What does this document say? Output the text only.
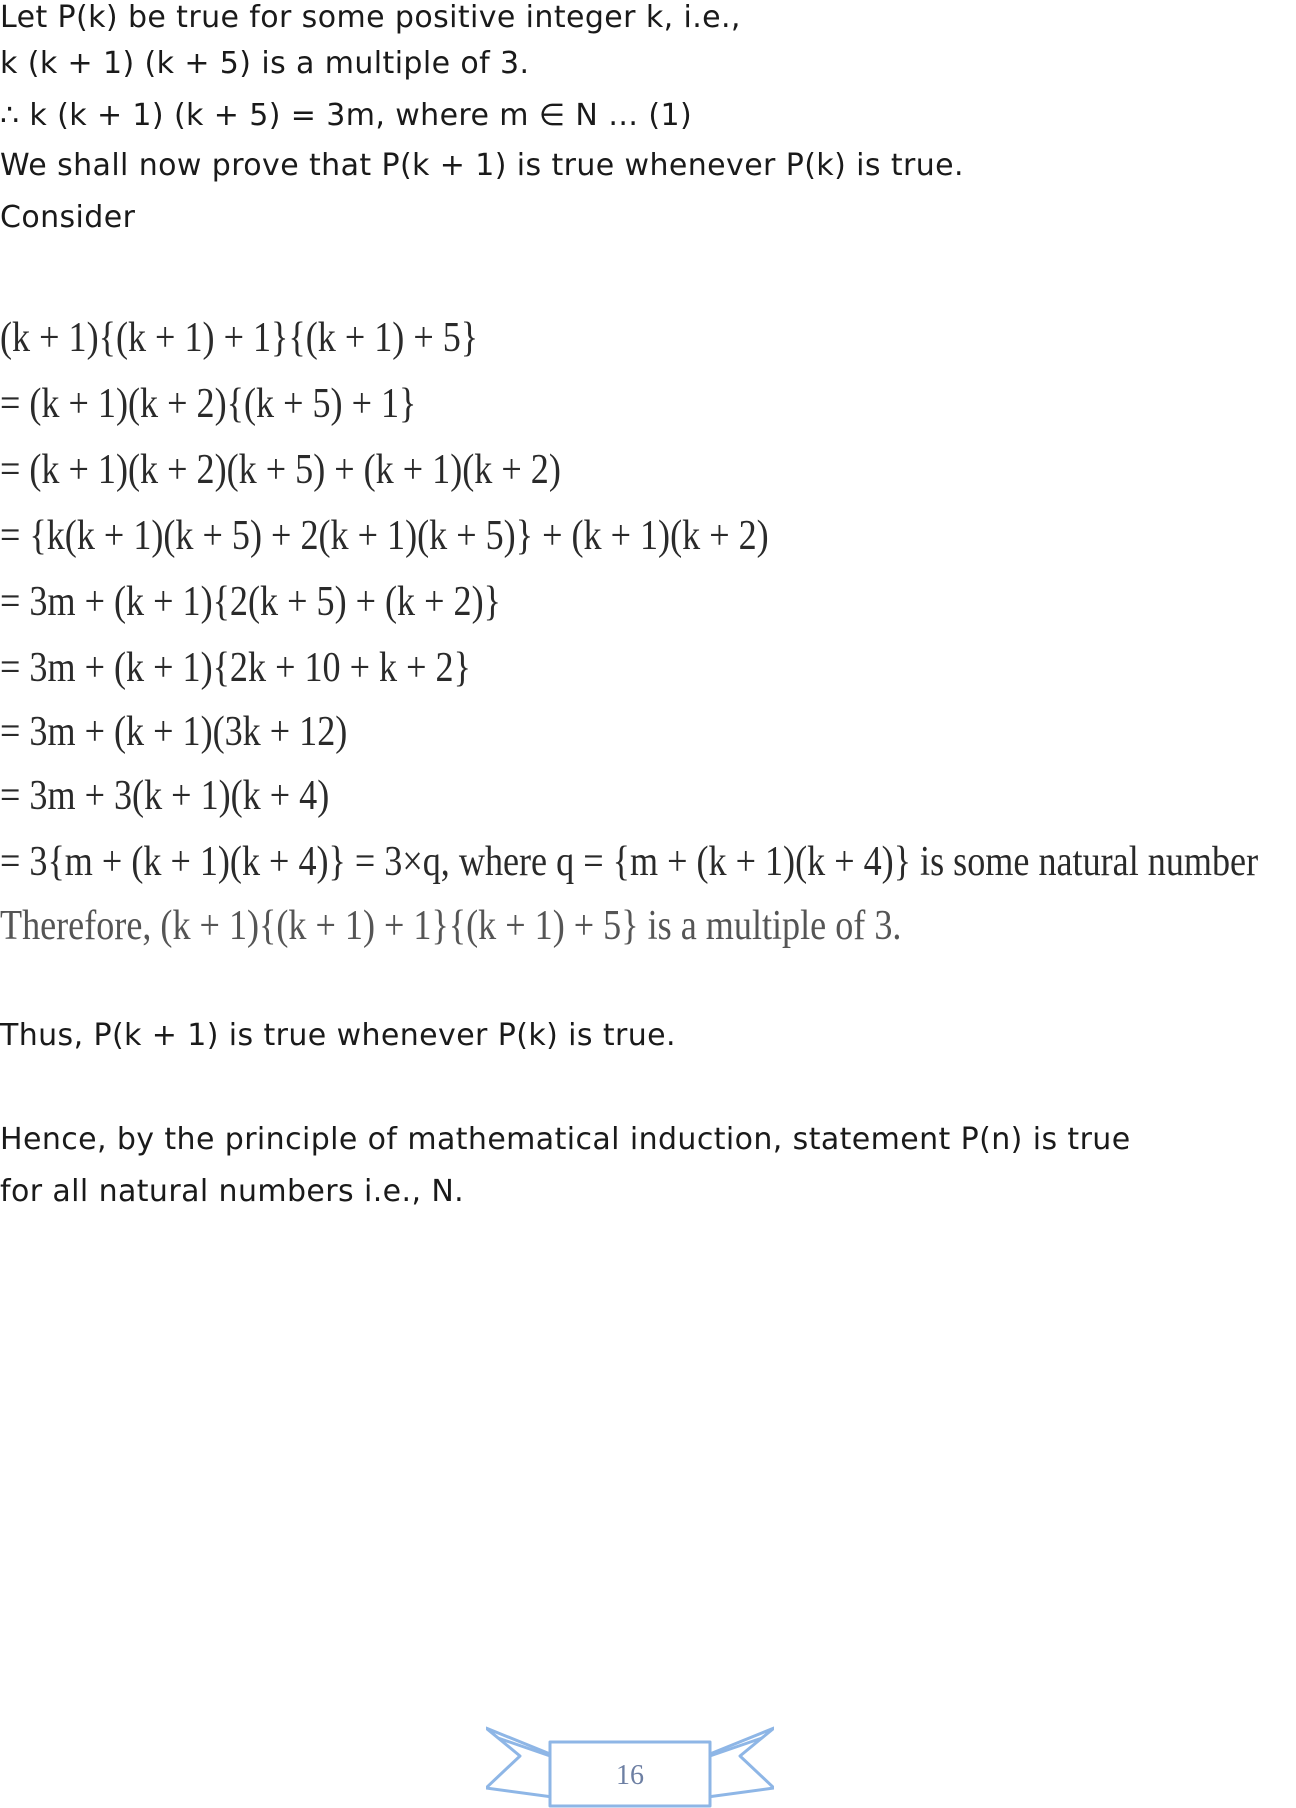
Let P(k) be true for some positive integer k, i.e.,

k (k + 1) (k + 5) is a multiple of 3.

∴ k (k + 1) (k + 5) = 3m, where m ∈ N … (1)

We shall now prove that P(k + 1) is true whenever P(k) is true.

Consider

(k + 1){(k + 1) + 1}{(k + 1) + 5}

= (k + 1)(k + 2){(k + 5) + 1}

= (k + 1)(k + 2)(k + 5) + (k + 1)(k + 2)

= {k(k + 1)(k + 5) + 2(k + 1)(k + 5)} + (k + 1)(k + 2)

= 3m + (k + 1){2(k + 5) + (k + 2)}

= 3m + (k + 1){2k + 10 + k + 2}

= 3m + (k + 1)(3k + 12)

= 3m + 3(k + 1)(k + 4)

= 3{m + (k + 1)(k + 4)} = 3×q, where q = {m + (k + 1)(k + 4)} is some natural number

Therefore, (k + 1){(k + 1) + 1}{(k + 1) + 5} is a multiple of 3.

Thus, P(k + 1) is true whenever P(k) is true.

Hence, by the principle of mathematical induction, statement P(n) is true

for all natural numbers i.e., N.

16
